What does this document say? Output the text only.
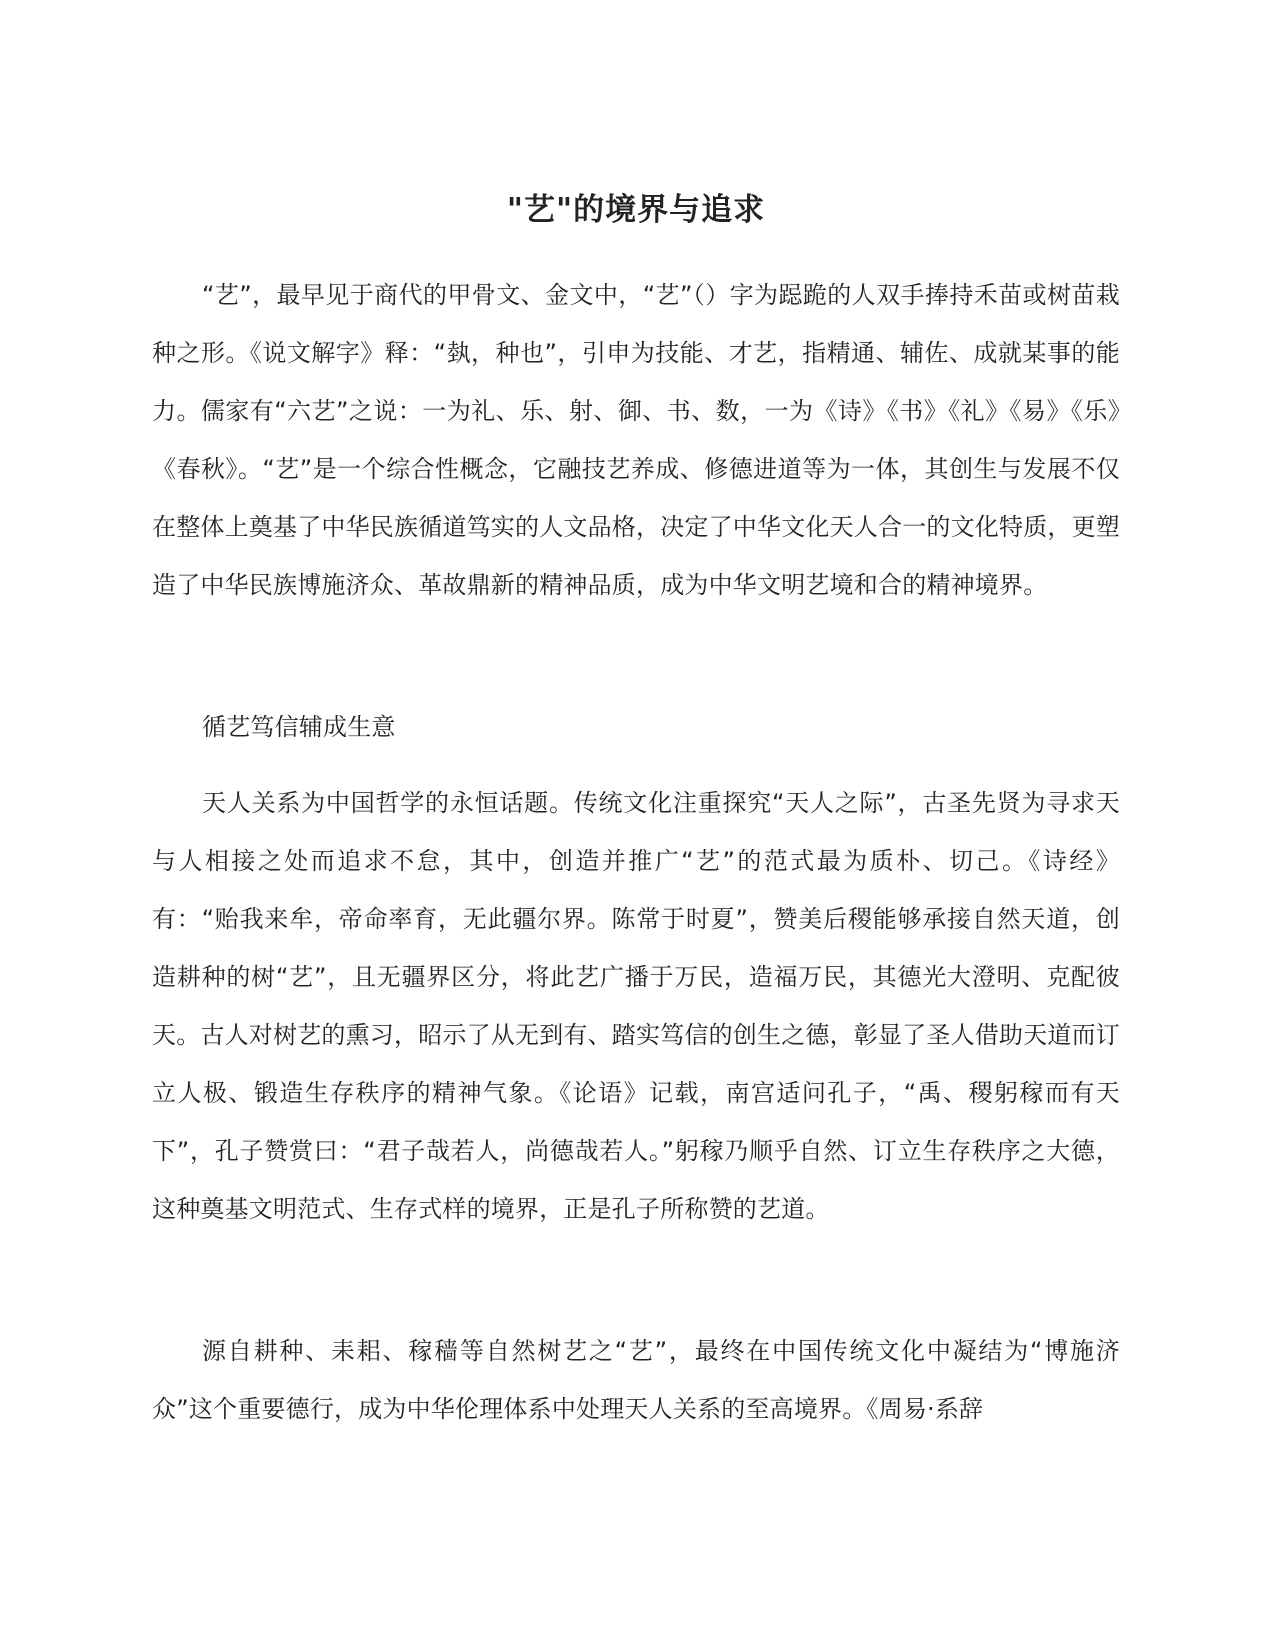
"艺"的境界与追求

“艺”，最早见于商代的甲骨文、金文中，“艺”（）字为跽跪的人双手捧持禾苗或树苗栽种之形。《说文解字》释：“埶，种也”，引申为技能、才艺，指精通、辅佐、成就某事的能力。儒家有“六艺”之说：一为礼、乐、射、御、书、数，一为《诗》《书》《礼》《易》《乐》《春秋》。“艺”是一个综合性概念，它融技艺养成、修德进道等为一体，其创生与发展不仅在整体上奠基了中华民族循道笃实的人文品格，决定了中华文化天人合一的文化特质，更塑造了中华民族博施济众、革故鼎新的精神品质，成为中华文明艺境和合的精神境界。

循艺笃信辅成生意

天人关系为中国哲学的永恒话题。传统文化注重探究“天人之际”，古圣先贤为寻求天与人相接之处而追求不怠，其中，创造并推广“艺”的范式最为质朴、切己。《诗经》有：“贻我来牟，帝命率育，无此疆尔界。陈常于时夏”，赞美后稷能够承接自然天道，创造耕种的树“艺”，且无疆界区分，将此艺广播于万民，造福万民，其德光大澄明、克配彼天。古人对树艺的熏习，昭示了从无到有、踏实笃信的创生之德，彰显了圣人借助天道而订立人极、锻造生存秩序的精神气象。《论语》记载，南宫适问孔子，“禹、稷躬稼而有天下”，孔子赞赏曰：“君子哉若人，尚德哉若人。”躬稼乃顺乎自然、订立生存秩序之大德，这种奠基文明范式、生存式样的境界，正是孔子所称赞的艺道。

源自耕种、耒耜、稼穑等自然树艺之“艺”，最终在中国传统文化中凝结为“博施济众”这个重要德行，成为中华伦理体系中处理天人关系的至高境界。《周易·系辞
